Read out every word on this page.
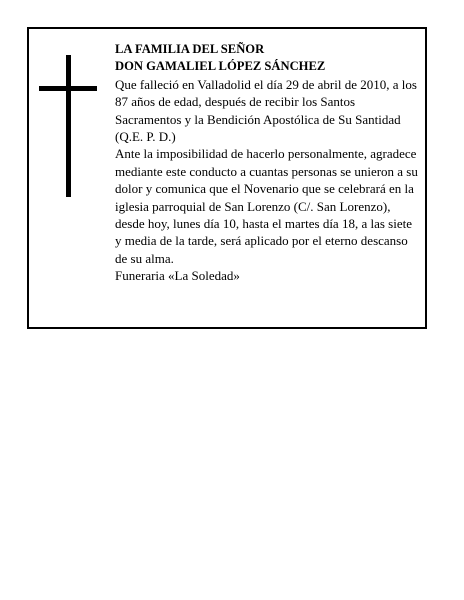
LA FAMILIA DEL SEÑOR

DON GAMALIEL LÓPEZ SÁNCHEZ

Que falleció en Valladolid el día 29 de abril de 2010, a los 87 años de edad, después de recibir los Santos Sacramentos y la Bendición Apostólica de Su Santidad (Q.E. P. D.)

Ante la imposibilidad de hacerlo personalmente, agradece mediante este conducto a cuantas personas se unieron a su dolor y comunica que el Novenario que se celebrará en la iglesia parroquial de San Lorenzo (C/. San Lorenzo), desde hoy, lunes día 10, hasta el martes día 18, a las siete y media de la tarde, será aplicado por el eterno descanso de su alma.

Funeraria «La Soledad»
